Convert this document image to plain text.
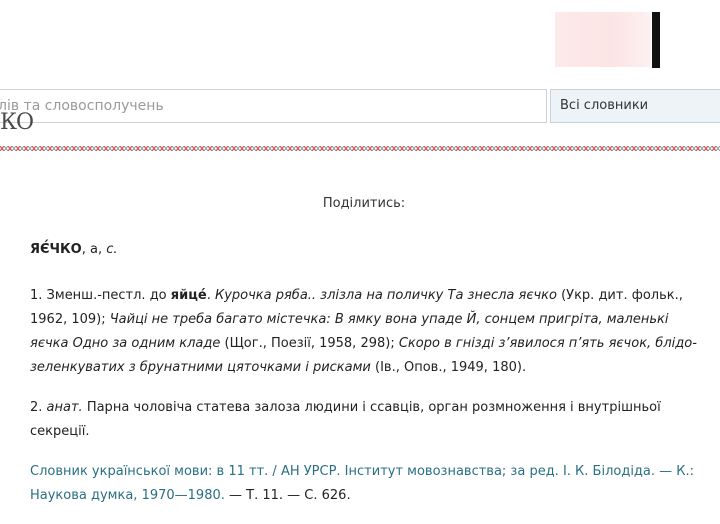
лів та словосполучень
Всі словники
КО
Поділитись:
ЯЄ́ЧКО, а, с.

1. Зменш.-пестл. до яйце́. Курочка ряба.. злізла на поличку Та знесла яєчко (Укр. дит. фольк., 1962, 109); Чайці не треба багато містечка: В ямку вона упаде Й, сонцем пригріта, маленькі яєчка Одно за одним кладе (Щог., Поезії, 1958, 298); Скоро в гнізді з’явилося п’ять яєчок, блідо-зеленкуватих з брунатними цяточками і рисками (Ів., Опов., 1949, 180).

2. анат. Парна чоловіча статева залоза людини і ссавців, орган розмноження і внутрішньої секреції.

Словник української мови: в 11 тт. / АН УРСР. Інститут мовознавства; за ред. І. К. Білодіда. — К.: Наукова думка, 1970—1980. — Т. 11. — С. 626.
